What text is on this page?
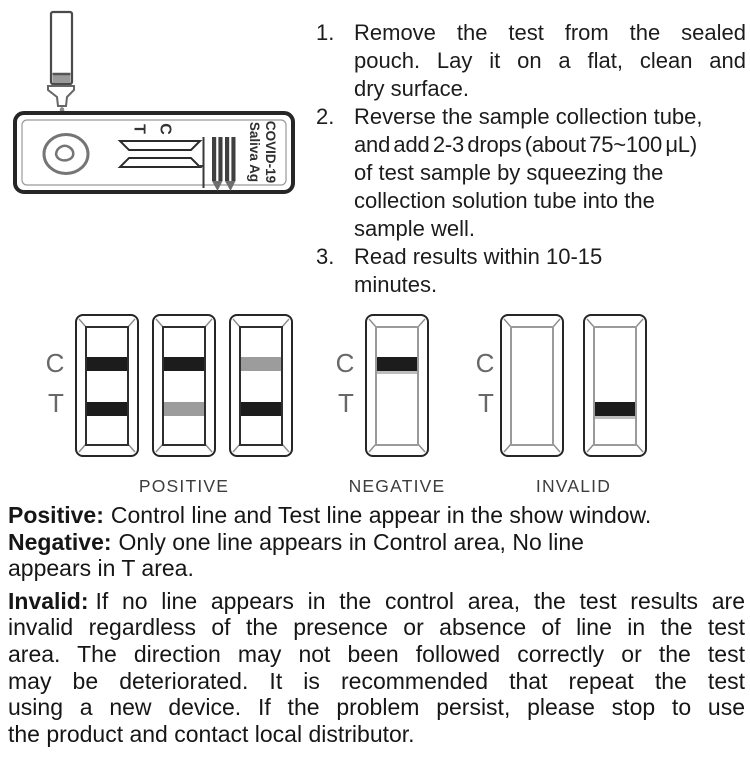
T C	COVID-19
Saliva Ag
1. Remove the test from the sealed
pouch. Lay it on a flat, clean and
dry surface.
2. Reverse the sample collection tube,
and add 2-3 drops (about 75~100 μL)
of test sample by squeezing the
collection solution tube into the
sample well.
3. Read results within 10-15
minutes.
C
T
C
T
C
T
POSITIVE	NEGATIVE	INVALID
Positive: Control line and Test line appear in the show window.
Negative: Only one line appears in Control area, No line
appears in T area.
Invalid: If no line appears in the control area, the test results are
invalid regardless of the presence or absence of line in the test
area. The direction may not been followed correctly or the test
may be deteriorated. It is recommended that repeat the test
using a new device. If the problem persist, please stop to use
the product and contact local distributor.
